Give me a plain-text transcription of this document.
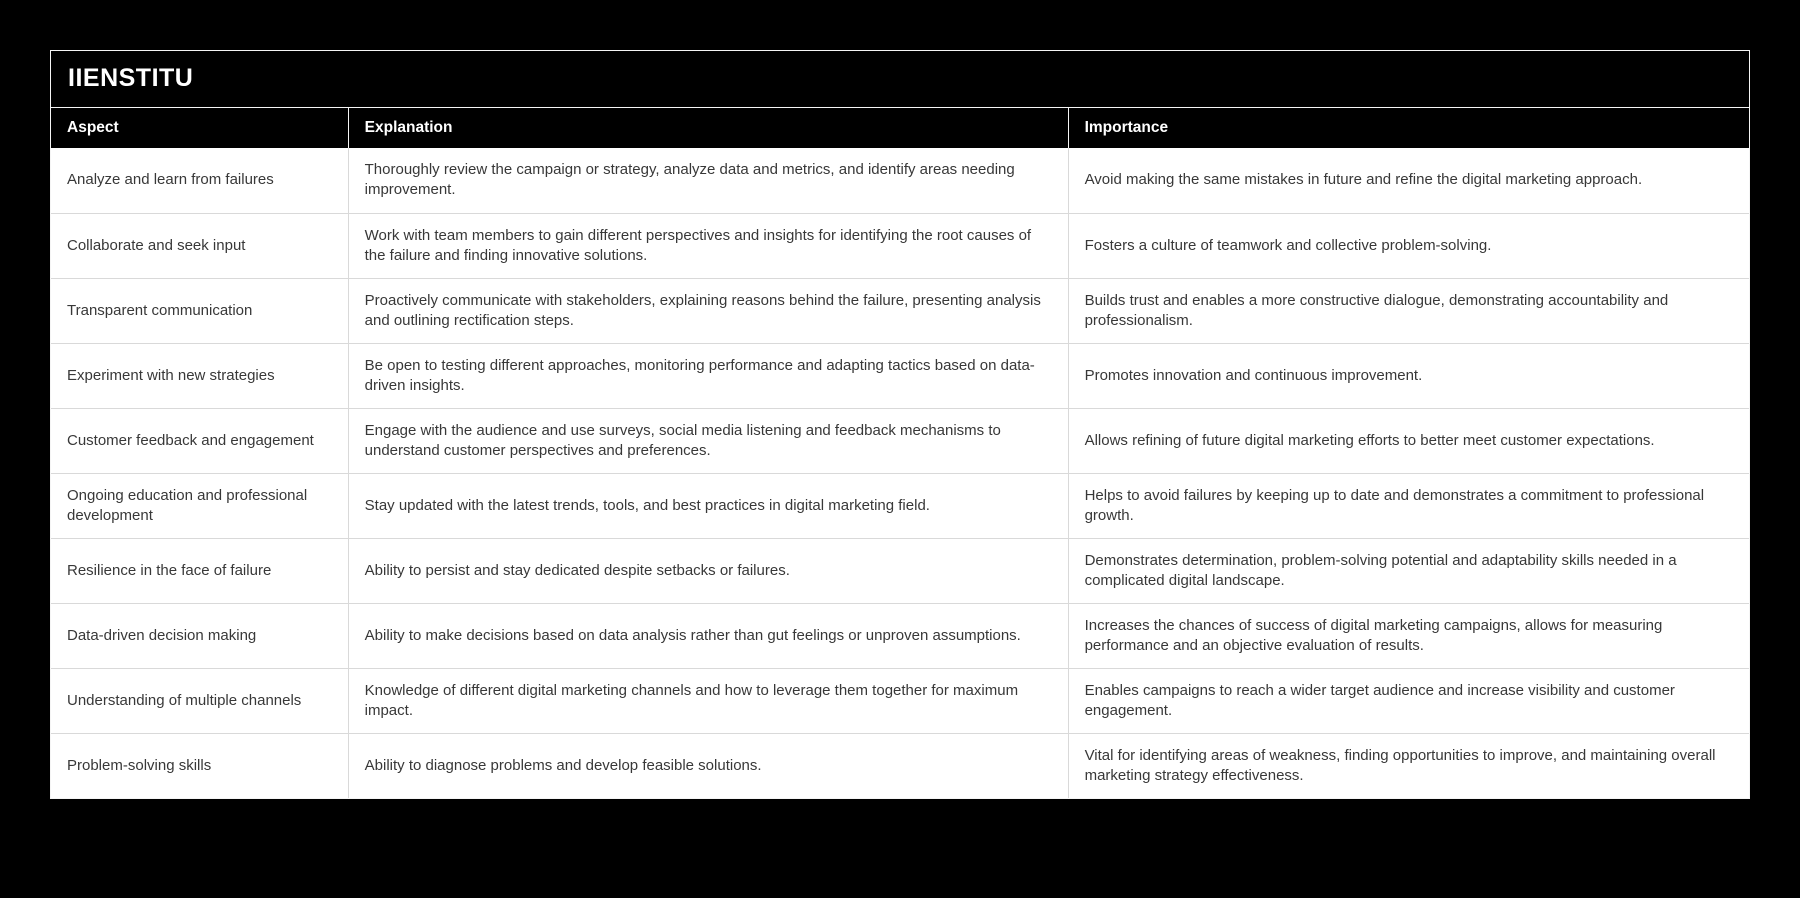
IIENSTITU
Aspect	Explanation	Importance
Analyze and learn from failures	Thoroughly review the campaign or strategy, analyze data and metrics, and identify areas needing improvement.	Avoid making the same mistakes in future and refine the digital marketing approach.
Collaborate and seek input	Work with team members to gain different perspectives and insights for identifying the root causes of the failure and finding innovative solutions.	Fosters a culture of teamwork and collective problem-solving.
Transparent communication	Proactively communicate with stakeholders, explaining reasons behind the failure, presenting analysis and outlining rectification steps.	Builds trust and enables a more constructive dialogue, demonstrating accountability and professionalism.
Experiment with new strategies	Be open to testing different approaches, monitoring performance and adapting tactics based on data-driven insights.	Promotes innovation and continuous improvement.
Customer feedback and engagement	Engage with the audience and use surveys, social media listening and feedback mechanisms to understand customer perspectives and preferences.	Allows refining of future digital marketing efforts to better meet customer expectations.
Ongoing education and professional development	Stay updated with the latest trends, tools, and best practices in digital marketing field.	Helps to avoid failures by keeping up to date and demonstrates a commitment to professional growth.
Resilience in the face of failure	Ability to persist and stay dedicated despite setbacks or failures.	Demonstrates determination, problem-solving potential and adaptability skills needed in a complicated digital landscape.
Data-driven decision making	Ability to make decisions based on data analysis rather than gut feelings or unproven assumptions.	Increases the chances of success of digital marketing campaigns, allows for measuring performance and an objective evaluation of results.
Understanding of multiple channels	Knowledge of different digital marketing channels and how to leverage them together for maximum impact.	Enables campaigns to reach a wider target audience and increase visibility and customer engagement.
Problem-solving skills	Ability to diagnose problems and develop feasible solutions.	Vital for identifying areas of weakness, finding opportunities to improve, and maintaining overall marketing strategy effectiveness.
